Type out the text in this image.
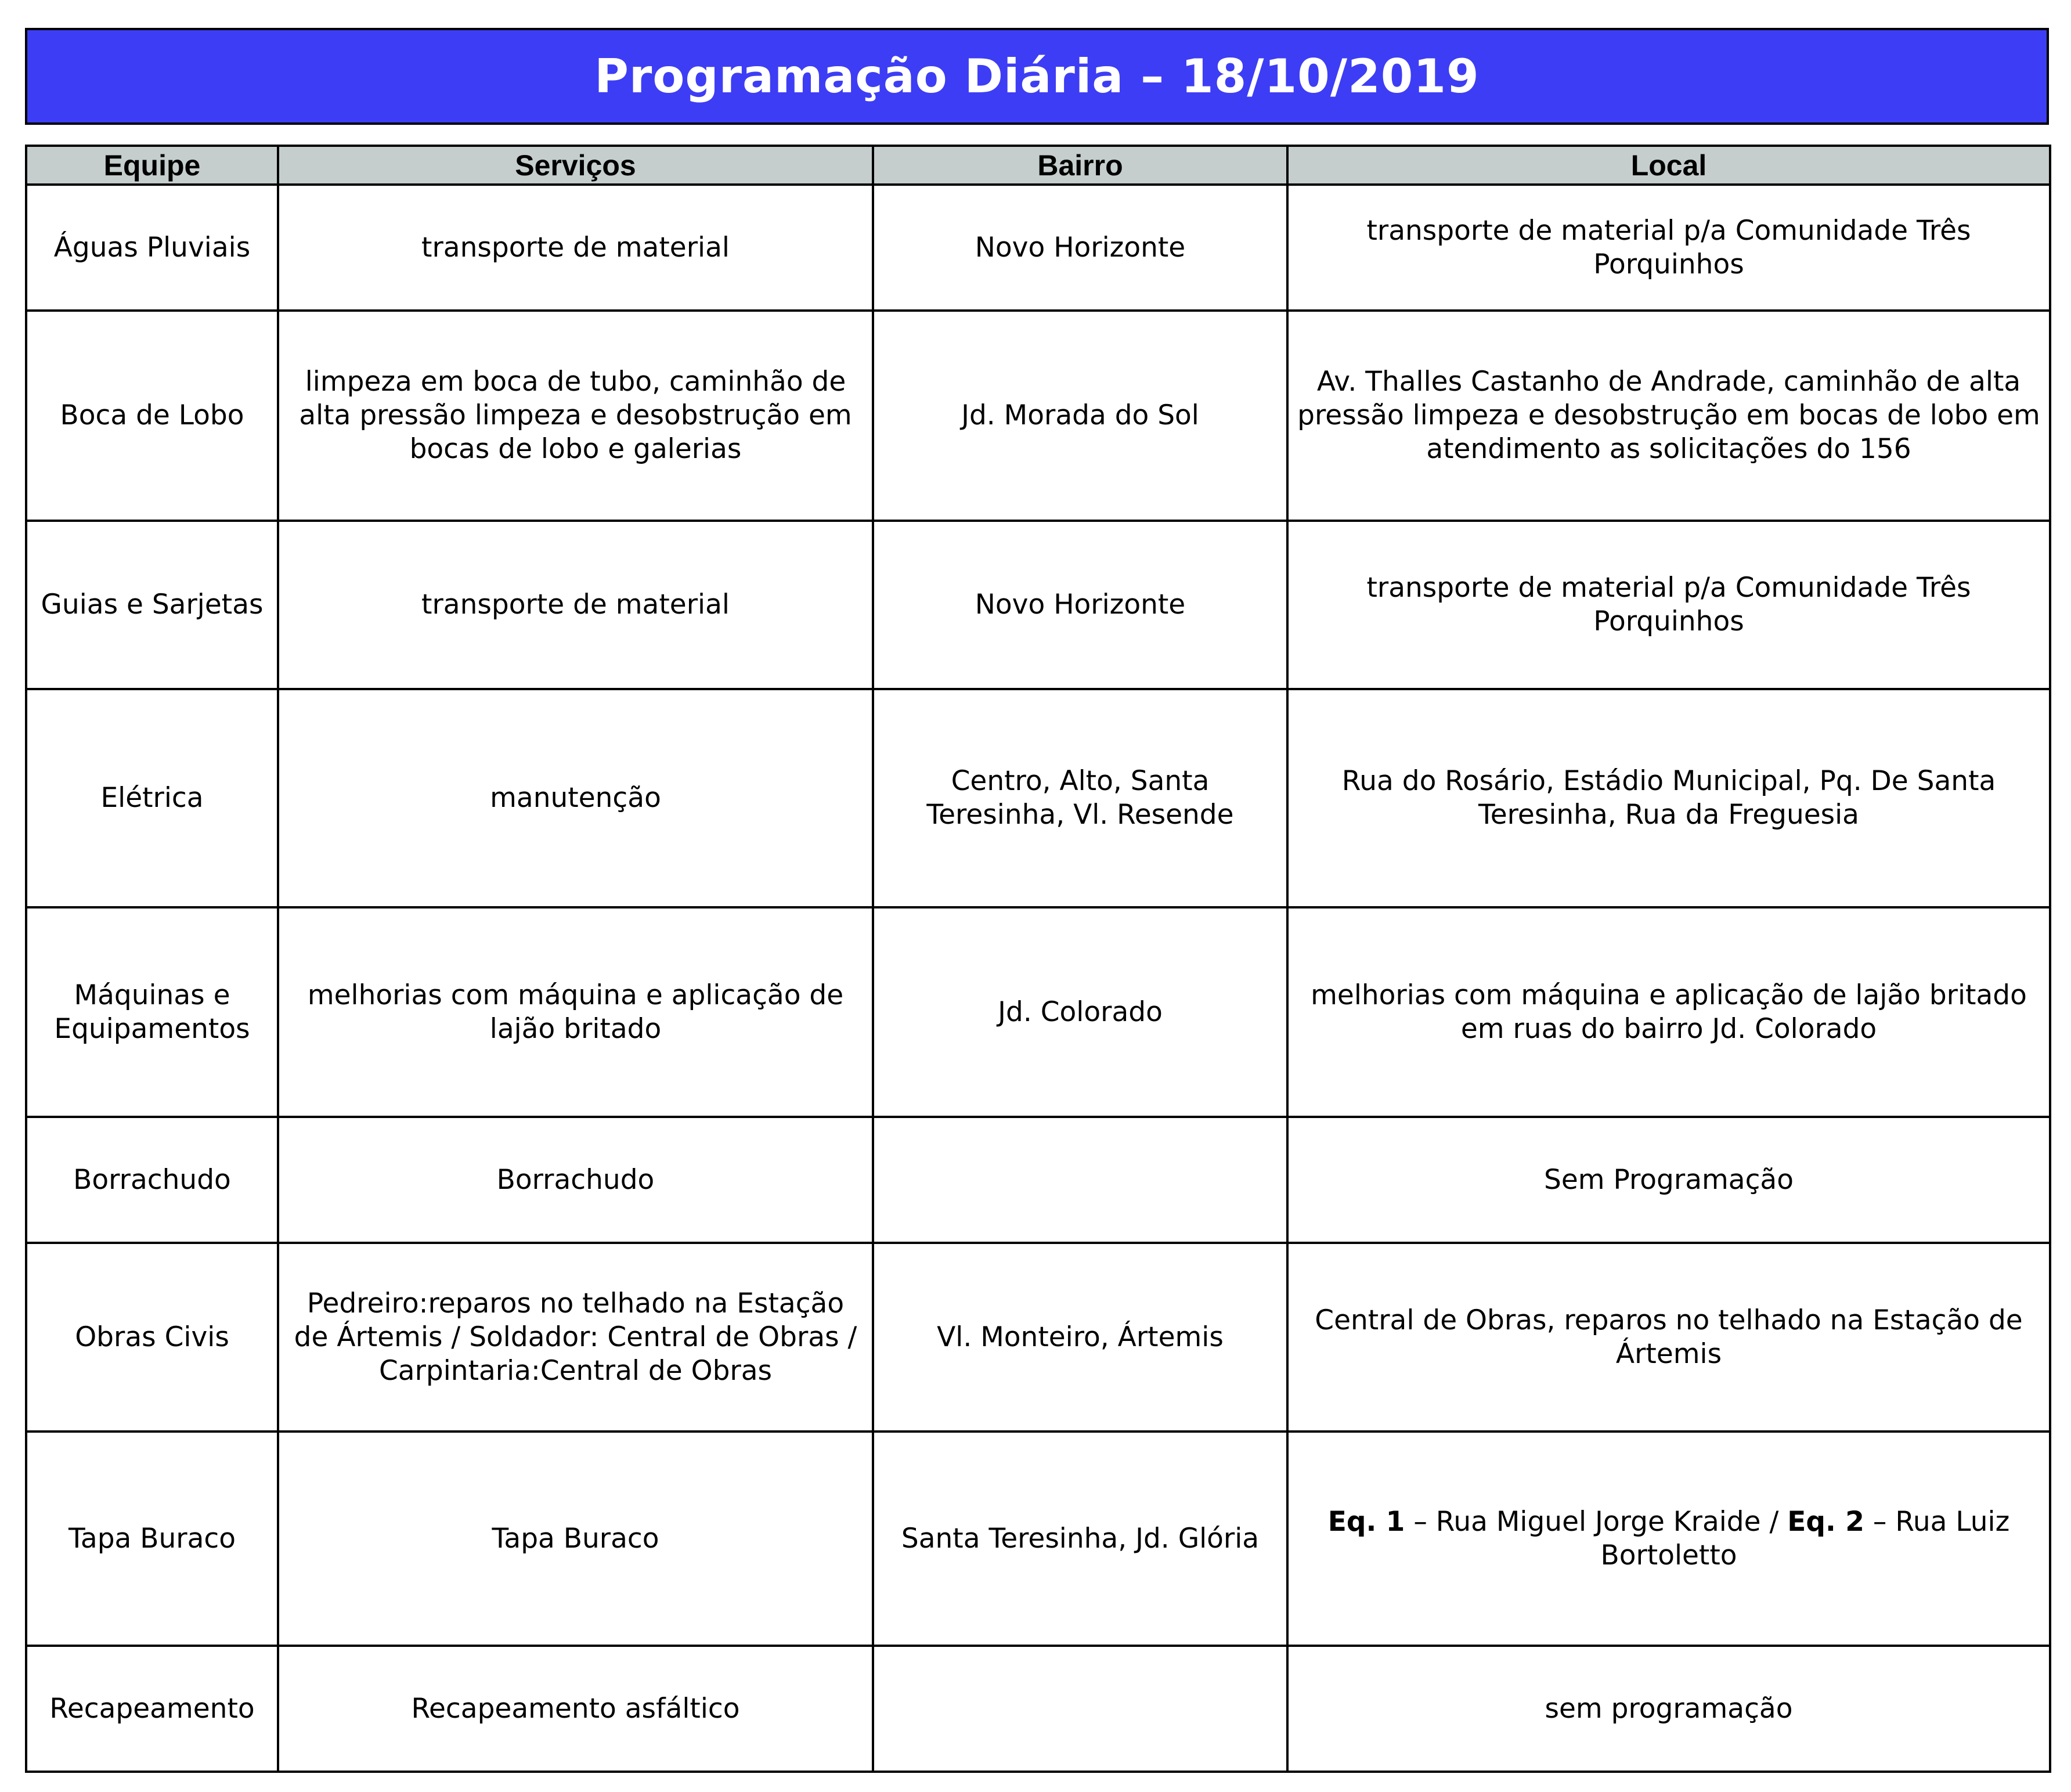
Programação Diária – 18/10/2019
Equipe	Serviços	Bairro	Local
Águas Pluviais	transporte de material	Novo Horizonte	transporte de material p/a Comunidade Três Porquinhos
Boca de Lobo	limpeza em boca de tubo, caminhão de alta pressão limpeza e desobstrução em bocas de lobo e galerias	Jd. Morada do Sol	Av. Thalles Castanho de Andrade, caminhão de alta pressão limpeza e desobstrução em bocas de lobo em atendimento as solicitações do 156
Guias e Sarjetas	transporte de material	Novo Horizonte	transporte de material p/a Comunidade Três Porquinhos
Elétrica	manutenção	Centro, Alto, Santa Teresinha, Vl. Resende	Rua do Rosário, Estádio Municipal, Pq. De Santa Teresinha, Rua da Freguesia
Máquinas e Equipamentos	melhorias com máquina e aplicação de lajão britado	Jd. Colorado	melhorias com máquina e aplicação de lajão britado em ruas do bairro Jd. Colorado
Borrachudo	Borrachudo		Sem Programação
Obras Civis	Pedreiro:reparos no telhado na Estação de Ártemis / Soldador: Central de Obras / Carpintaria:Central de Obras	Vl. Monteiro, Ártemis	Central de Obras, reparos no telhado na Estação de Ártemis
Tapa Buraco	Tapa Buraco	Santa Teresinha, Jd. Glória	Eq. 1 – Rua Miguel Jorge Kraide / Eq. 2 – Rua Luiz Bortoletto
Recapeamento	Recapeamento asfáltico		sem programação
